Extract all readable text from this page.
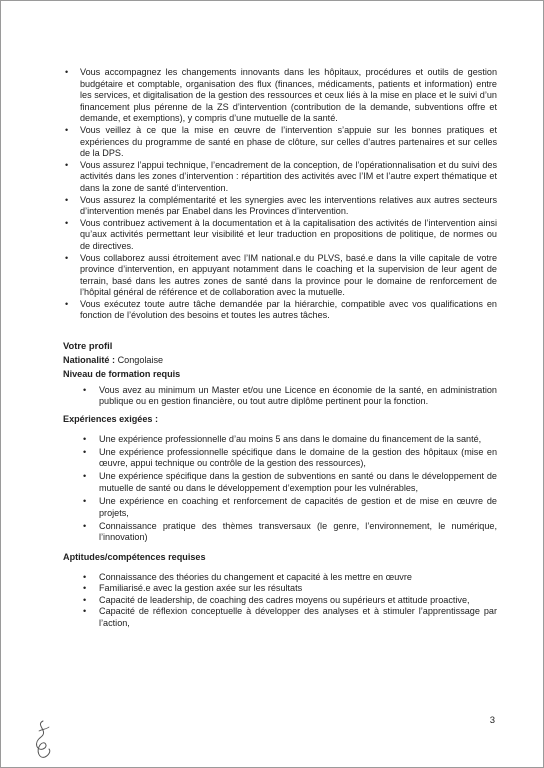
• Vous accompagnez les changements innovants dans les hôpitaux, procédures et outils de gestion budgétaire et comptable, organisation des flux (finances, médicaments, patients et information) entre les services, et digitalisation de la gestion des ressources et ceux liés à la mise en place et le suivi d’un financement plus pérenne de la ZS d’intervention (contribution de la demande, subventions offre et demande, et exemptions), y compris d’une mutuelle de la santé.
• Vous veillez à ce que la mise en œuvre de l’intervention s’appuie sur les bonnes pratiques et expériences du programme de santé en phase de clôture, sur celles d’autres partenaires et sur celles de la DPS.
• Vous assurez l’appui technique, l’encadrement de la conception, de l’opérationnalisation et du suivi des activités dans les zones d’intervention : répartition des activités avec l’IM et l’autre expert thématique et dans la zone de santé d’intervention.
• Vous assurez la complémentarité et les synergies avec les interventions relatives aux autres secteurs d’intervention menés par Enabel dans les Provinces d’intervention.
• Vous contribuez activement à la documentation et à la capitalisation des activités de l’intervention ainsi qu’aux activités permettant leur visibilité et leur traduction en propositions de politique, de normes ou de directives.
• Vous collaborez aussi étroitement avec l’IM national.e du PLVS, basé.e dans la ville capitale de votre province d’intervention, en appuyant notamment dans le coaching et la supervision de leur agent de terrain, basé dans les autres zones de santé dans la province pour le domaine de renforcement de l’hôpital général de référence et de collaboration avec la mutuelle.
• Vous exécutez toute autre tâche demandée par la hiérarchie, compatible avec vos qualifications en fonction de l’évolution des besoins et toutes les autres tâches.
Votre profil
Nationalité : Congolaise
Niveau de formation requis
• Vous avez au minimum un Master et/ou une Licence en économie de la santé, en administration publique ou en gestion financière, ou tout autre diplôme pertinent pour la fonction.
Expériences exigées :
• Une expérience professionnelle d’au moins 5 ans dans le domaine du financement de la santé,
• Une expérience professionnelle spécifique dans le domaine de la gestion des hôpitaux (mise en œuvre, appui technique ou contrôle de la gestion des ressources),
• Une expérience spécifique dans la gestion de subventions en santé ou dans le développement de mutuelle de santé ou dans le développement d’exemption pour les vulnérables,
• Une expérience en coaching et renforcement de capacités de gestion et de mise en œuvre de projets,
• Connaissance pratique des thèmes transversaux (le genre, l’environnement, le numérique, l’innovation)
Aptitudes/compétences requises
• Connaissance des théories du changement et capacité à les mettre en œuvre
• Familiarisé.e avec la gestion axée sur les résultats
• Capacité de leadership, de coaching des cadres moyens ou supérieurs et attitude proactive,
• Capacité de réflexion conceptuelle à développer des analyses et à stimuler l’apprentissage par l’action,
3
